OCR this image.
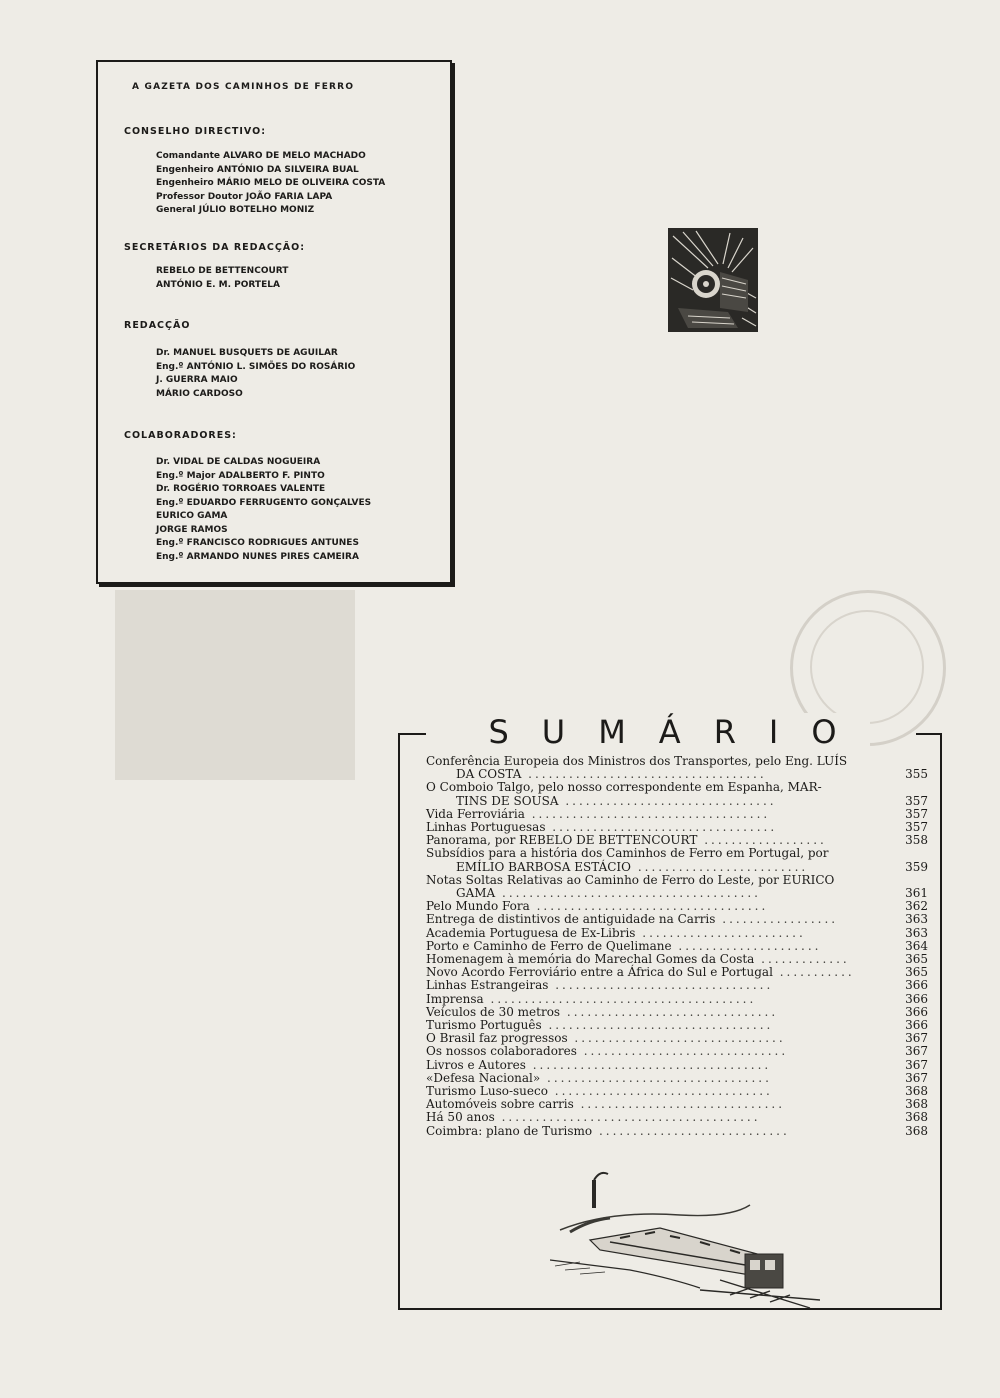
A GAZETA DOS CAMINHOS DE FERRO
CONSELHO DIRECTIVO:
Comandante ALVARO DE MELO MACHADO
Engenheiro ANTÓNIO DA SILVEIRA BUAL
Engenheiro MÁRIO MELO DE OLIVEIRA COSTA
Professor Doutor JOÃO FARIA LAPA
General JÚLIO BOTELHO MONIZ
SECRETÁRIOS DA REDACÇÃO:
REBELO DE BETTENCOURT
ANTÓNIO E. M. PORTELA
REDACÇÃO
Dr. MANUEL BUSQUETS DE AGUILAR
Eng.º ANTÓNIO L. SIMÕES DO ROSÁRIO
J. GUERRA MAIO
MÁRIO CARDOSO
COLABORADORES:
Dr. VIDAL DE CALDAS NOGUEIRA
Eng.º Major ADALBERTO F. PINTO
Dr. ROGÉRIO TORROAES VALENTE
Eng.º EDUARDO FERRUGENTO GONÇALVES
EURICO GAMA
JORGE RAMOS
Eng.º FRANCISCO RODRIGUES ANTUNES
Eng.º ARMANDO NUNES PIRES CAMEIRA
SUMÁRIO
Conferência Europeia dos Ministros dos Transportes, pelo Eng. LUÍS
DA COSTA ...................................	355
O Comboio Talgo, pelo nosso correspondente em Espanha, MAR-
TINS DE SOUSA ...............................	357
Vida Ferroviária ...................................	357
Linhas Portuguesas .................................	357
Panorama, por REBELO DE BETTENCOURT ..................	358
Subsídios para a história dos Caminhos de Ferro em Portugal, por
EMÍLIO BARBOSA ESTÁCIO .........................	359
Notas Soltas Relativas ao Caminho de Ferro do Leste, por EURICO
GAMA ......................................	361
Pelo Mundo Fora ..................................	362
Entrega de distintivos de antiguidade na Carris .................	363
Academia Portuguesa de Ex-Libris ........................	363
Porto e Caminho de Ferro de Quelimane .....................	364
Homenagem à memória do Marechal Gomes da Costa .............	365
Novo Acordo Ferroviário entre a África do Sul e Portugal ...........	365
Linhas Estrangeiras ................................	366
Imprensa .......................................	366
Veículos de 30 metros ...............................	366
Turismo Português .................................	366
O Brasil faz progressos ...............................	367
Os nossos colaboradores ..............................	367
Livros e Autores ...................................	367
«Defesa Nacional» .................................	367
Turismo Luso-sueco ................................	368
Automóveis sobre carris ..............................	368
Há 50 anos ......................................	368
Coimbra: plano de Turismo ............................	368
